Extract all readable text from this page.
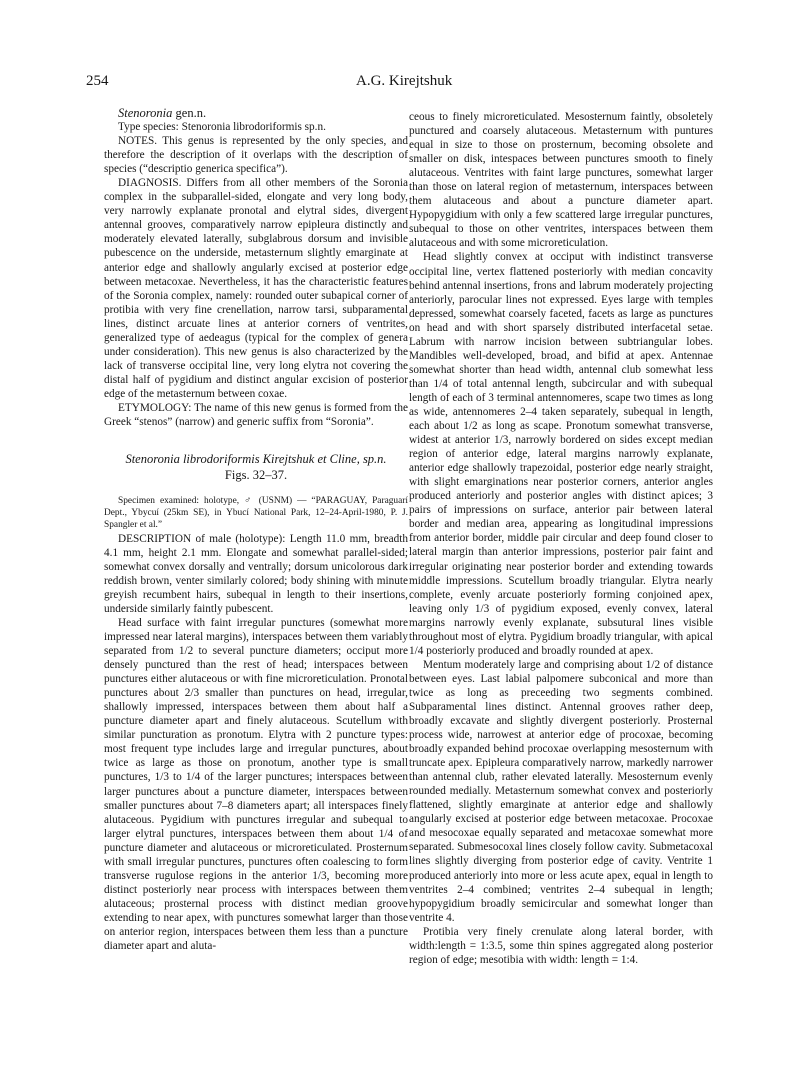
254	A.G. Kirejtshuk

Stenoronia gen.n.

Type species: Stenoronia librodoriformis sp.n.

NOTES. This genus is represented by the only species, and therefore the description of it overlaps with the description of species (“descriptio generica specifica”).

DIAGNOSIS. Differs from all other members of the Soronia complex in the subparallel-sided, elongate and very long body, very narrowly explanate pronotal and elytral sides, divergent antennal grooves, comparatively narrow epipleura distinctly and moderately elevated laterally, subglabrous dorsum and invisible pubescence on the underside, metasternum slightly emarginate at anterior edge and shallowly angularly excised at posterior edge between metacoxae. Nevertheless, it has the characteristic features of the Soronia complex, namely: rounded outer subapical corner of protibia with very fine crenellation, narrow tarsi, subparamental lines, distinct arcuate lines at anterior corners of ventrites, generalized type of aedeagus (typical for the complex of genera under consideration). This new genus is also characterized by the lack of transverse occipital line, very long elytra not covering the distal half of pygidium and distinct angular excision of posterior edge of the metasternum between coxae.

ETYMOLOGY: The name of this new genus is formed from the Greek “stenos” (narrow) and generic suffix from “Soronia”.

Stenoronia librodoriformis Kirejtshuk et Cline, sp.n.
Figs. 32–37.

Specimen examined: holotype, ♂ (USNM) — “PARAGUAY, Paraguarí Dept., Ybycuí (25km SE), in Ybucí National Park, 12–24-April-1980, P. J. Spangler et al.”

DESCRIPTION of male (holotype): Length 11.0 mm, breadth 4.1 mm, height 2.1 mm. Elongate and somewhat parallel-sided; somewhat convex dorsally and ventrally; dorsum unicolorous dark reddish brown, venter similarly colored; body shining with minute greyish recumbent hairs, subequal in length to their insertions, underside similarly faintly pubescent.

Head surface with faint irregular punctures (somewhat more impressed near lateral margins), interspaces between them variably separated from 1/2 to several puncture diameters; occiput more densely punctured than the rest of head; interspaces between punctures either alutaceous or with fine microreticulation. Pronotal punctures about 2/3 smaller than punctures on head, irregular, shallowly impressed, interspaces between them about half a puncture diameter apart and finely alutaceous. Scutellum with similar puncturation as pronotum. Elytra with 2 puncture types: most frequent type includes large and irregular punctures, about twice as large as those on pronotum, another type is small punctures, 1/3 to 1/4 of the larger punctures; interspaces between larger punctures about a puncture diameter, interspaces between smaller punctures about 7–8 diameters apart; all interspaces finely alutaceous. Pygidium with punctures irregular and subequal to larger elytral punctures, interspaces between them about 1/4 of puncture diameter and alutaceous or microreticulated. Prosternum with small irregular punctures, punctures often coalescing to form transverse rugulose regions in the anterior 1/3, becoming more distinct posteriorly near process with interspaces between them alutaceous; prosternal process with distinct median groove extending to near apex, with punctures somewhat larger than those on anterior region, interspaces between them less than a puncture diameter apart and aluta-

ceous to finely microreticulated. Mesosternum faintly, obsoletely punctured and coarsely alutaceous. Metasternum with puntures equal in size to those on prosternum, becoming obsolete and smaller on disk, intespaces between punctures smooth to finely alutaceous. Ventrites with faint large punctures, somewhat larger than those on lateral region of metasternum, interspaces between them alutaceous and about a puncture diameter apart. Hypopygidium with only a few scattered large irregular punctures, subequal to those on other ventrites, interspaces between them alutaceous and with some microreticulation.

Head slightly convex at occiput with indistinct transverse occipital line, vertex flattened posteriorly with median concavity behind antennal insertions, frons and labrum moderately projecting anteriorly, parocular lines not expressed. Eyes large with temples depressed, somewhat coarsely faceted, facets as large as punctures on head and with short sparsely distributed interfacetal setae. Labrum with narrow incision between subtriangular lobes. Mandibles well-developed, broad, and bifid at apex. Antennae somewhat shorter than head width, antennal club somewhat less than 1/4 of total antennal length, subcircular and with subequal length of each of 3 terminal antennomeres, scape two times as long as wide, antennomeres 2–4 taken separately, subequal in length, each about 1/2 as long as scape. Pronotum somewhat transverse, widest at anterior 1/3, narrowly bordered on sides except median region of anterior edge, lateral margins narrowly explanate, anterior edge shallowly trapezoidal, posterior edge nearly straight, with slight emarginations near posterior corners, anterior angles produced anteriorly and posterior angles with distinct apices; 3 pairs of impressions on surface, anterior pair between lateral border and median area, appearing as longitudinal impressions from anterior border, middle pair circular and deep found closer to lateral margin than anterior impressions, posterior pair faint and irregular originating near posterior border and extending towards middle impressions. Scutellum broadly triangular. Elytra nearly complete, evenly arcuate posteriorly forming conjoined apex, leaving only 1/3 of pygidium exposed, evenly convex, lateral margins narrowly evenly explanate, subsutural lines visible throughout most of elytra. Pygidium broadly triangular, with apical 1/4 posteriorly produced and broadly rounded at apex.

Mentum moderately large and comprising about 1/2 of distance between eyes. Last labial palpomere subconical and more than twice as long as preceeding two segments combined. Subparamental lines distinct. Antennal grooves rather deep, broadly excavate and slightly divergent posteriorly. Prosternal process wide, narrowest at anterior edge of procoxae, becoming broadly expanded behind procoxae overlapping mesosternum with truncate apex. Epipleura comparatively narrow, markedly narrower than antennal club, rather elevated laterally. Mesosternum evenly rounded medially. Metasternum somewhat convex and posteriorly flattened, slightly emarginate at anterior edge and shallowly angularly excised at posterior edge between metacoxae. Procoxae and mesocoxae equally separated and metacoxae somewhat more separated. Submesocoxal lines closely follow cavity. Submetacoxal lines slightly diverging from posterior edge of cavity. Ventrite 1 produced anteriorly into more or less acute apex, equal in length to ventrites 2–4 combined; ventrites 2–4 subequal in length; hypopygidium broadly semicircular and somewhat longer than ventrite 4.

Protibia very finely crenulate along lateral border, with width:length = 1:3.5, some thin spines aggregated along posterior region of edge; mesotibia with width: length = 1:4.
